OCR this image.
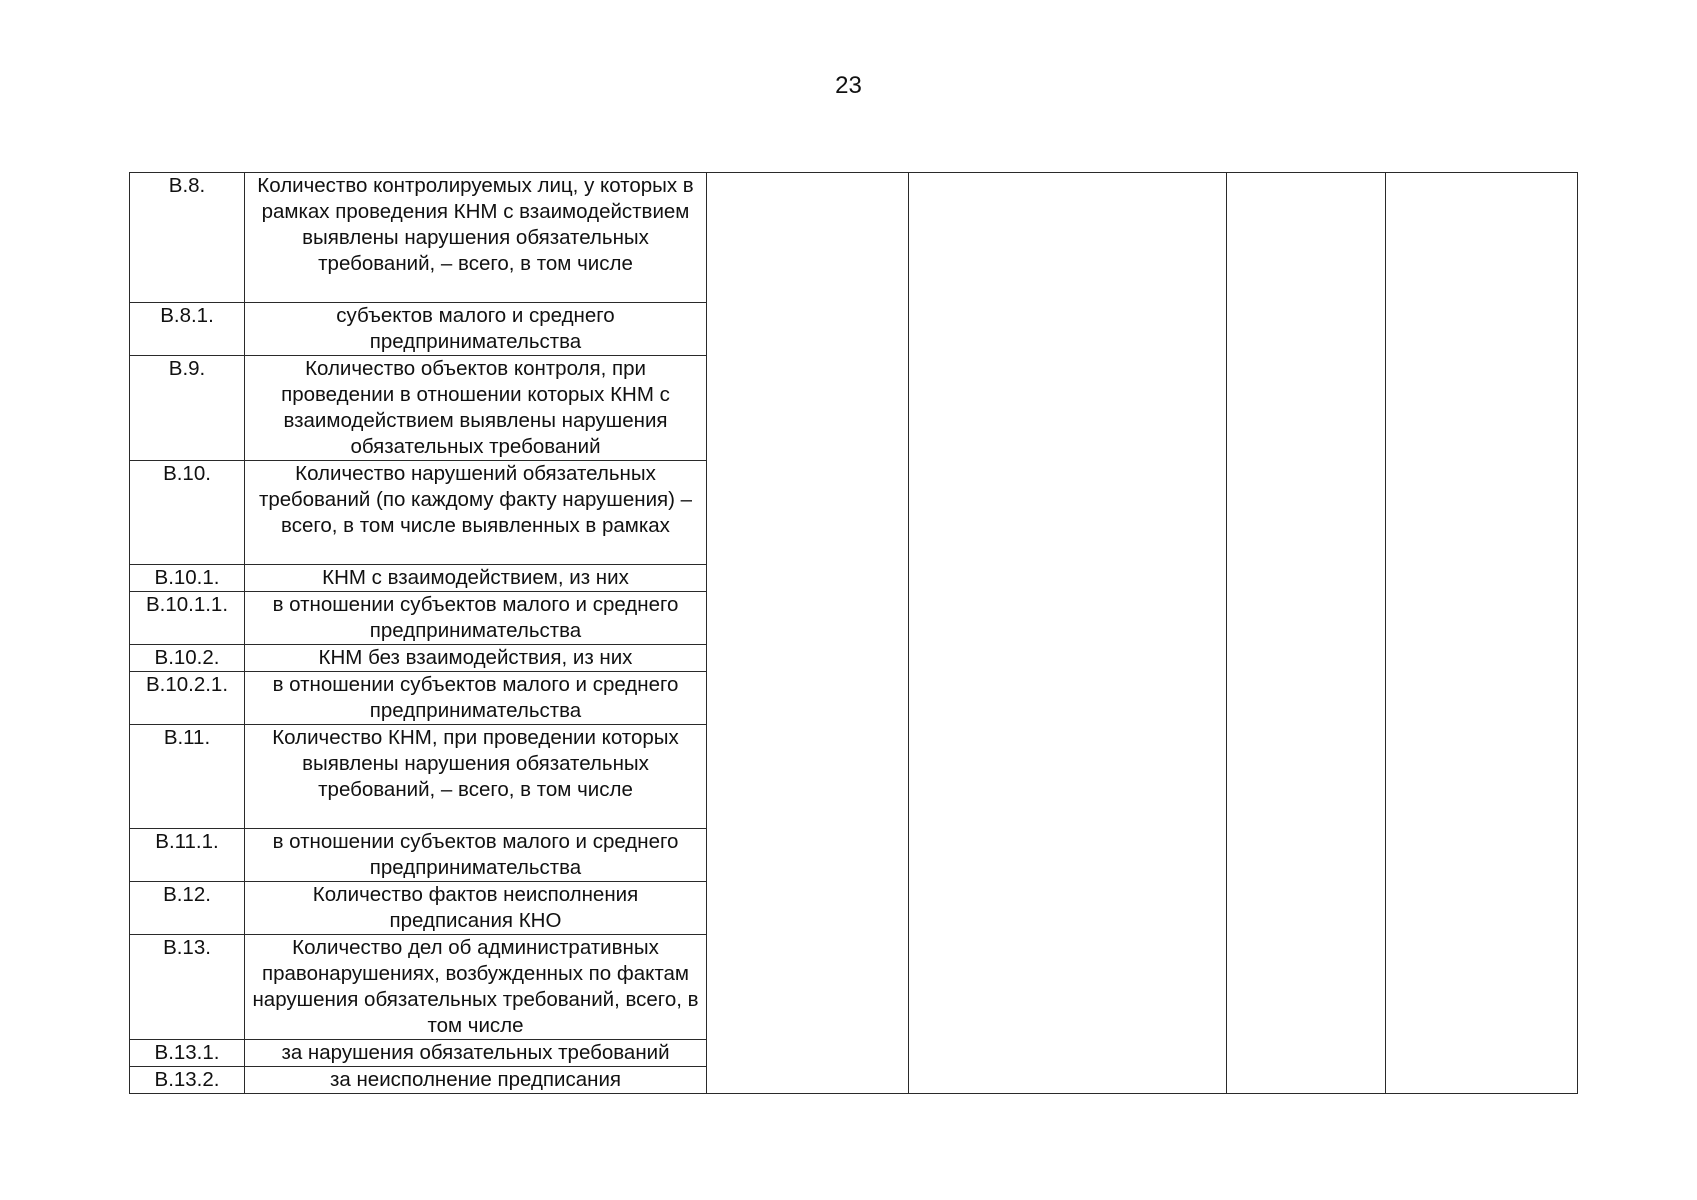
23
В.8.	Количество контролируемых лиц, у которых в рамках проведения КНМ с взаимодействием выявлены нарушения обязательных требований, – всего, в том числе				
В.8.1.	субъектов малого и среднего предпринимательства				
В.9.	Количество объектов контроля, при проведении в отношении которых КНМ с взаимодействием выявлены нарушения обязательных требований				
В.10.	Количество нарушений обязательных требований (по каждому факту нарушения) – всего, в том числе выявленных в рамках				
В.10.1.	КНМ с взаимодействием, из них				
В.10.1.1.	в отношении субъектов малого и среднего предпринимательства				
В.10.2.	КНМ без взаимодействия, из них				
В.10.2.1.	в отношении субъектов малого и среднего предпринимательства				
В.11.	Количество КНМ, при проведении которых выявлены нарушения обязательных требований, – всего, в том числе				
В.11.1.	в отношении субъектов малого и среднего предпринимательства				
В.12.	Количество фактов неисполнения предписания КНО				
В.13.	Количество дел об административных правонарушениях, возбужденных по фактам нарушения обязательных требований, всего, в том числе				
В.13.1.	за нарушения обязательных требований				
В.13.2.	за неисполнение предписания				
